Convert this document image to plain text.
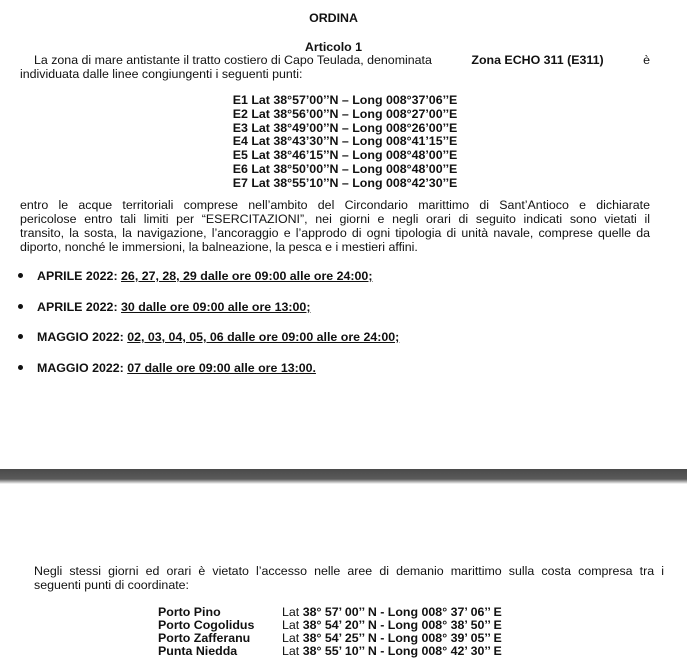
ORDINA
Articolo 1
La zona di mare antistante il tratto costiero di Capo Teulada, denominata	Zona ECHO 311 (E311)	è
individuata dalle linee congiungenti i seguenti punti:
E1 Lat 38°57’00’’N – Long 008°37’06’’E
E2 Lat 38°56’00’’N – Long 008°27’00’’E
E3 Lat 38°49’00’’N – Long 008°26’00’’E
E4 Lat 38°43’30’’N – Long 008°41’15’’E
E5 Lat 38°46’15’’N – Long 008°48’00’’E
E6 Lat 38°50’00’’N – Long 008°48’00’’E
E7 Lat 38°55’10’’N – Long 008°42’30’’E
entro le acque territoriali comprese nell’ambito del Circondario marittimo di Sant’Antioco e dichiarate
pericolose entro tali limiti per “ESERCITAZIONI”, nei giorni e negli orari di seguito indicati sono vietati il
transito, la sosta, la navigazione, l’ancoraggio e l’approdo di ogni tipologia di unità navale, comprese quelle da
diporto, nonché le immersioni, la balneazione, la pesca e i mestieri affini.
APRILE 2022: 26, 27, 28, 29 dalle ore 09:00 alle ore 24:00;
APRILE 2022: 30 dalle ore 09:00 alle ore 13:00;
MAGGIO 2022: 02, 03, 04, 05, 06 dalle ore 09:00 alle ore 24:00;
MAGGIO 2022: 07 dalle ore 09:00 alle ore 13:00.
Negli stessi giorni ed orari è vietato l’accesso nelle aree di demanio marittimo sulla costa compresa tra i
seguenti punti di coordinate:
Porto Pino	Lat 38° 57’ 00’’ N - Long 008° 37’ 06’’ E
Porto Cogolidus Lat 38° 54’ 20’’ N - Long 008° 38’ 50’’ E
Porto Zafferanu	Lat 38° 54’ 25’’ N - Long 008° 39’ 05’’ E
Punta Niedda	Lat 38° 55’ 10’’ N - Long 008° 42’ 30’’ E
